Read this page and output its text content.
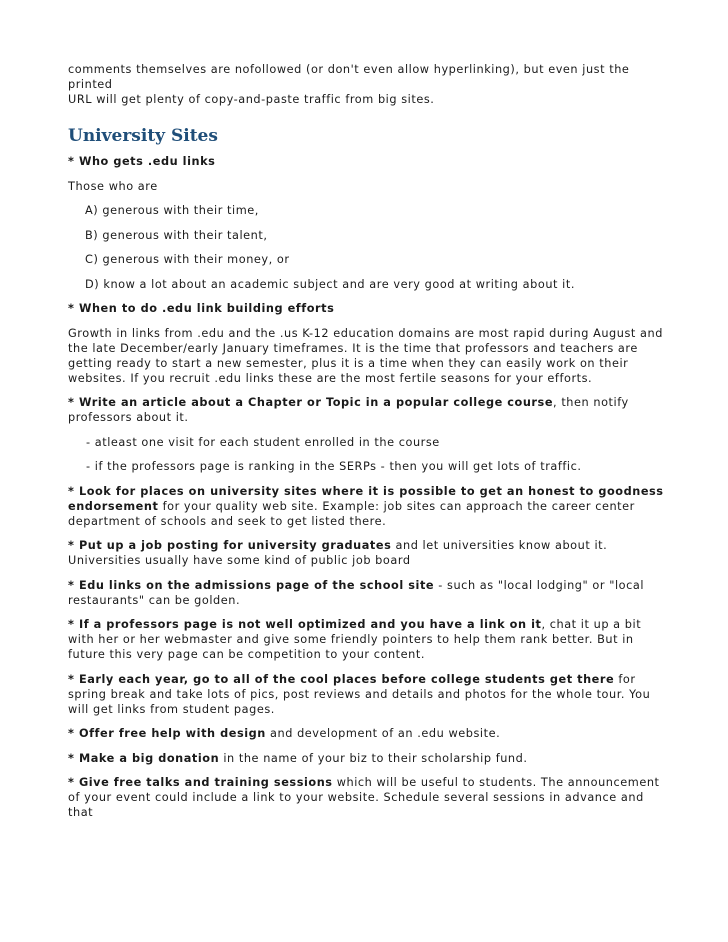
comments themselves are nofollowed (or don't even allow hyperlinking), but even just the printed
URL will get plenty of copy-and-paste traffic from big sites.

University Sites

* Who gets .edu links

Those who are

A) generous with their time,

B) generous with their talent,

C) generous with their money, or

D) know a lot about an academic subject and are very good at writing about it.

* When to do .edu link building efforts

Growth in links from .edu and the .us K-12 education domains are most rapid during August and the late December/early January timeframes. It is the time that professors and teachers are getting ready to start a new semester, plus it is a time when they can easily work on their websites. If you recruit .edu links these are the most fertile seasons for your efforts.

* Write an article about a Chapter or Topic in a popular college course, then notify professors about it.

- atleast one visit for each student enrolled in the course

- if the professors page is ranking in the SERPs - then you will get lots of traffic.

* Look for places on university sites where it is possible to get an honest to goodness endorsement for your quality web site. Example: job sites can approach the career center department of schools and seek to get listed there.

* Put up a job posting for university graduates and let universities know about it. Universities usually have some kind of public job board

* Edu links on the admissions page of the school site - such as "local lodging" or "local restaurants" can be golden.

* If a professors page is not well optimized and you have a link on it, chat it up a bit with her or her webmaster and give some friendly pointers to help them rank better. But in future this very page can be competition to your content.

* Early each year, go to all of the cool places before college students get there for spring break and take lots of pics, post reviews and details and photos for the whole tour. You will get links from student pages.

* Offer free help with design and development of an .edu website.

* Make a big donation in the name of your biz to their scholarship fund.

* Give free talks and training sessions which will be useful to students. The announcement of your event could include a link to your website. Schedule several sessions in advance and that
